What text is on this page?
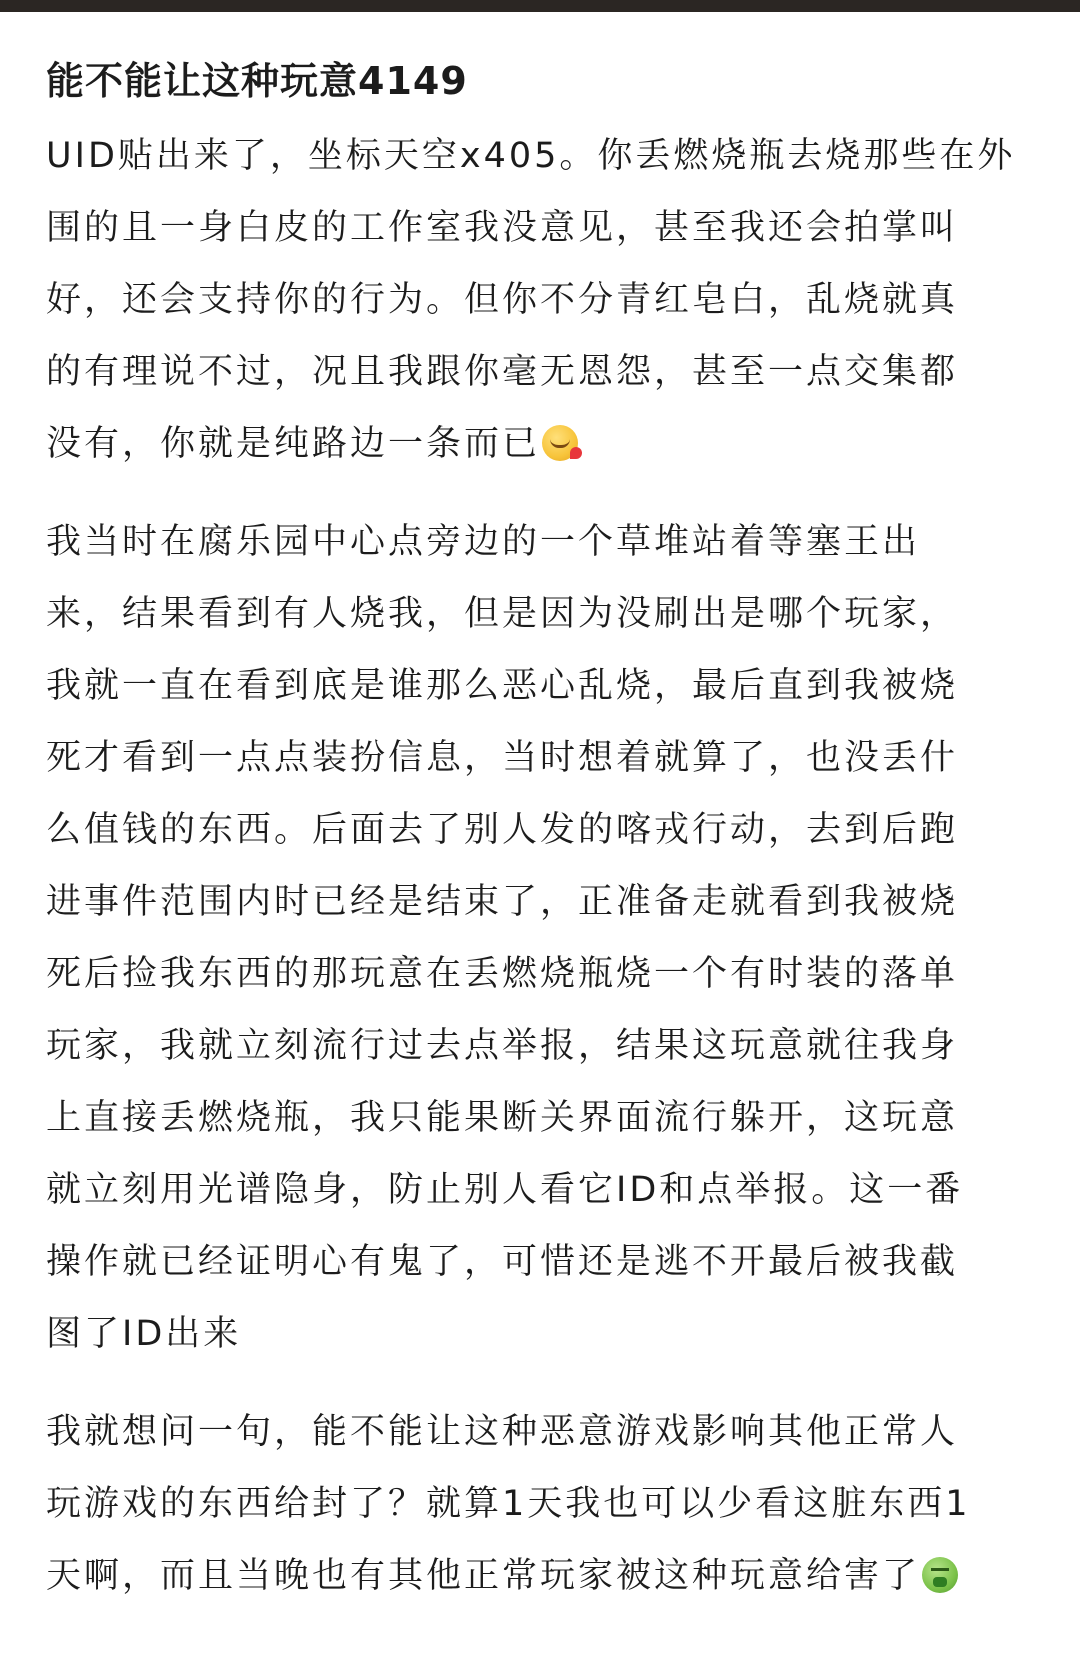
能不能让这种玩意4149

UID贴出来了，坐标天空x405。你丢燃烧瓶去烧那些在外
围的且一身白皮的工作室我没意见，甚至我还会拍掌叫
好，还会支持你的行为。但你不分青红皂白，乱烧就真
的有理说不过，况且我跟你毫无恩怨，甚至一点交集都
没有，你就是纯路边一条而已

我当时在腐乐园中心点旁边的一个草堆站着等塞王出
来，结果看到有人烧我，但是因为没刷出是哪个玩家，
我就一直在看到底是谁那么恶心乱烧，最后直到我被烧
死才看到一点点装扮信息，当时想着就算了，也没丢什
么值钱的东西。后面去了别人发的喀戎行动，去到后跑
进事件范围内时已经是结束了，正准备走就看到我被烧
死后捡我东西的那玩意在丢燃烧瓶烧一个有时装的落单
玩家，我就立刻流行过去点举报，结果这玩意就往我身
上直接丢燃烧瓶，我只能果断关界面流行躲开，这玩意
就立刻用光谱隐身，防止别人看它ID和点举报。这一番
操作就已经证明心有鬼了，可惜还是逃不开最后被我截
图了ID出来

我就想问一句，能不能让这种恶意游戏影响其他正常人
玩游戏的东西给封了？就算1天我也可以少看这脏东西1
天啊，而且当晚也有其他正常玩家被这种玩意给害了
